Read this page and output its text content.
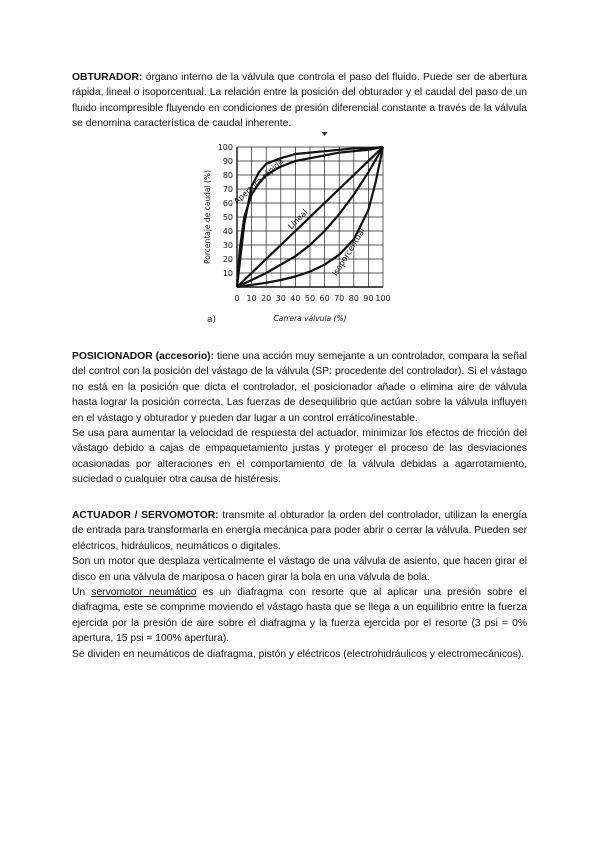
OBTURADOR: órgano interno de la válvula que controla el paso del fluido. Puede ser de abertura rápida, lineal o isoporcentual. La relación entre la posición del obturador y el caudal del paso de un fluido incompresible fluyendo en condiciones de presión diferencial constante a través de la válvula se denomina característica de caudal inherente.

0 10 20 30 40 50 60 70 80 90 100
10
20
30
40
50
60
70
80
90
100
Carrera válvula (%)
Porcentaje de caudal (%)
a)
Apertura rápida
Lineal
Isoporcentual

POSICIONADOR (accesorio): tiene una acción muy semejante a un controlador, compara la señal del control con la posición del vástago de la válvula (SP: procedente del controlador). Si el vástago no está en la posición que dicta el controlador, el posicionador añade o elimina aire de válvula hasta lograr la posición correcta. Las fuerzas de desequilibrio que actúan sobre la válvula influyen en el vástago y obturador y pueden dar lugar a un control errático/inestable.

Se usa para aumentar la velocidad de respuesta del actuador, minimizar los efectos de fricción del vástago debido a cajas de empaquetamiento justas y proteger el proceso de las desviaciones ocasionadas por alteraciones en el comportamiento de la válvula debidas a agarrotamiento, suciedad o cualquier otra causa de histéresis.

ACTUADOR / SERVOMOTOR: transmite al obturador la orden del controlador, utilizan la energía de entrada para transformarla en energía mecánica para poder abrir o cerrar la válvula. Pueden ser eléctricos, hidráulicos, neumáticos o digitales.

Son un motor que desplaza verticalmente el vástago de una válvula de asiento, que hacen girar el disco en una válvula de mariposa o hacen girar la bola en una válvula de bola.

Un servomotor neumático es un diafragma con resorte que al aplicar una presión sobre el diafragma, este se comprime moviendo el vástago hasta que se llega a un equilibrio entre la fuerza ejercida por la presión de aire sobre el diafragma y la fuerza ejercida por el resorte (3 psi = 0% apertura, 15 psi = 100% apertura).

Se dividen en neumáticos de diafragma, pistón y eléctricos (electrohidráulicos y electromecánicos).
